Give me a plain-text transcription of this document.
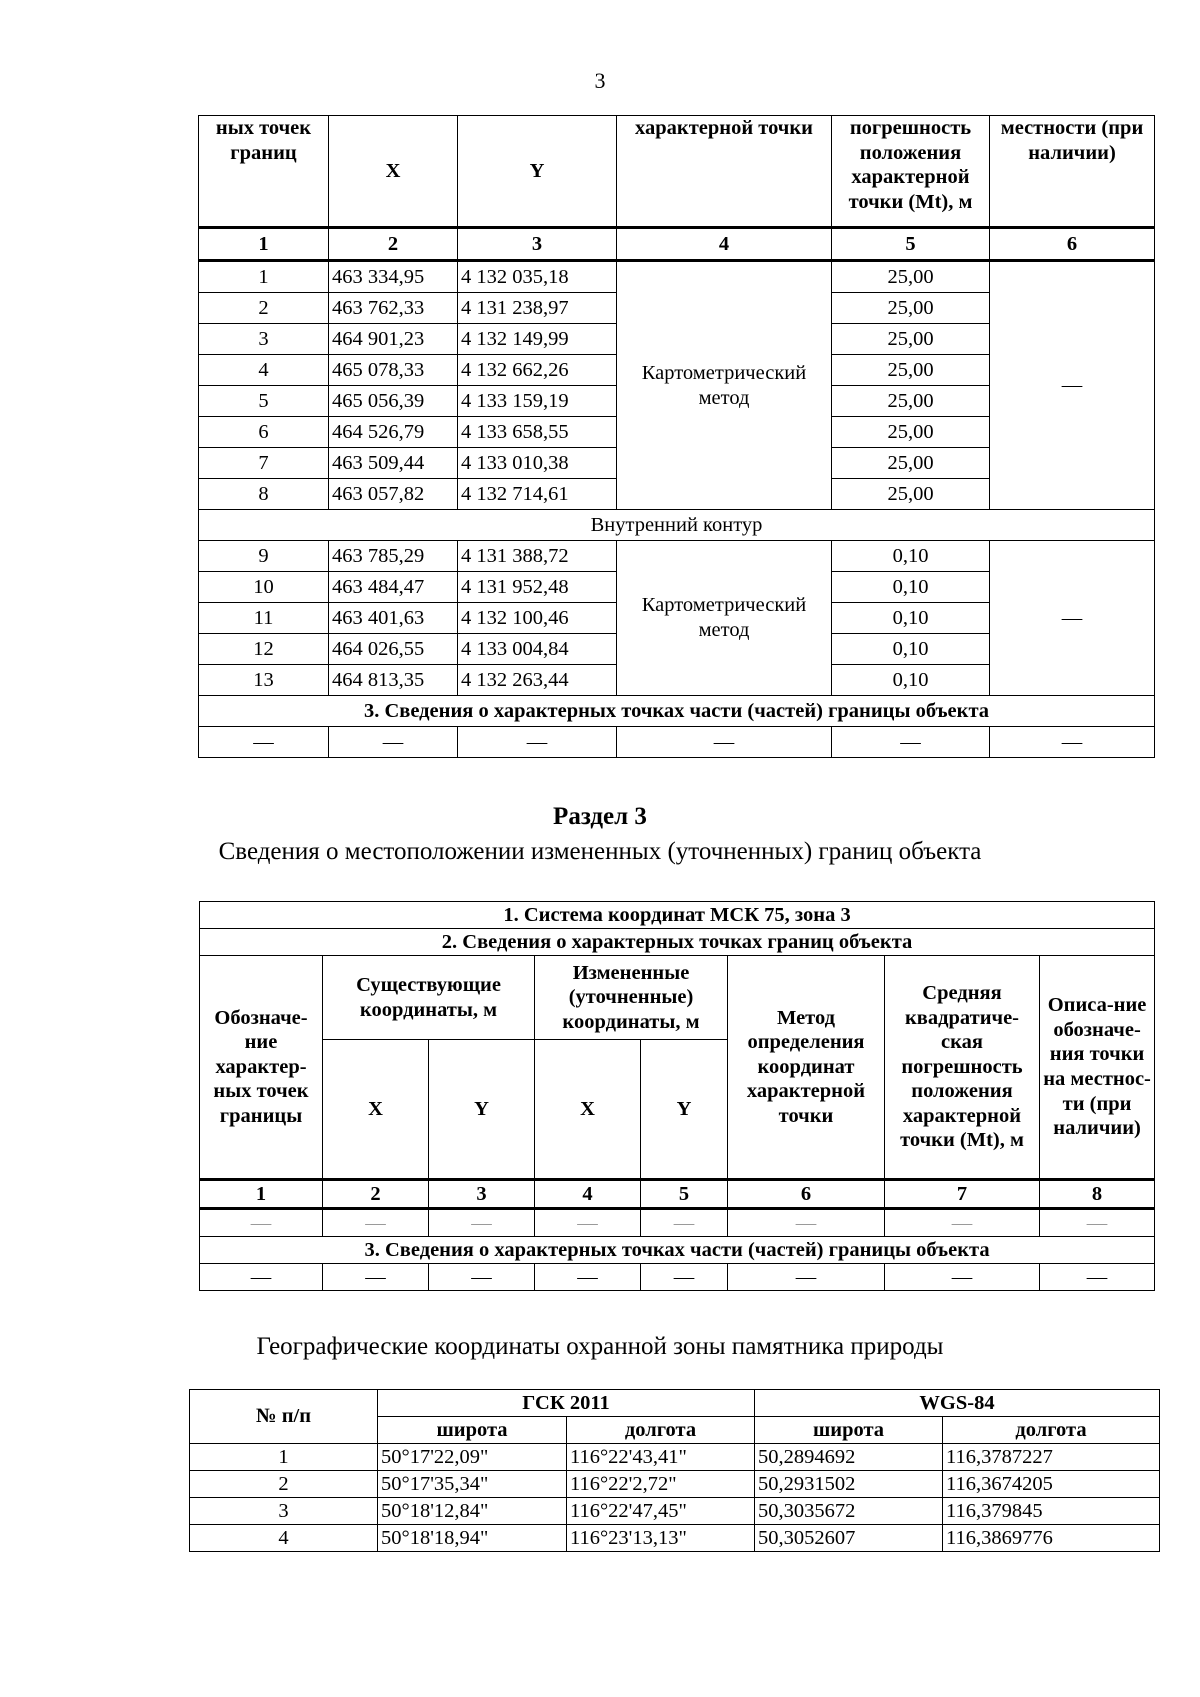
3
ных точек границ	X	Y	характерной точки	погрешность положения характерной точки (Mt), м	местности (при наличии)
1	2	3	4	5	6
1	463 334,95	4 132 035,18	Картометрический метод	25,00	—
2	463 762,33	4 131 238,97		25,00	
3	464 901,23	4 132 149,99		25,00	
4	465 078,33	4 132 662,26		25,00	
5	465 056,39	4 133 159,19		25,00	
6	464 526,79	4 133 658,55		25,00	
7	463 509,44	4 133 010,38		25,00	
8	463 057,82	4 132 714,61		25,00	
Внутренний контур					
9	463 785,29	4 131 388,72	Картометрический метод	0,10	—
10	463 484,47	4 131 952,48		0,10	
11	463 401,63	4 132 100,46		0,10	
12	464 026,55	4 133 004,84		0,10	
13	464 813,35	4 132 263,44		0,10	
3. Сведения о характерных точках части (частей) границы объекта					
—	—	—	—	—	—
Раздел 3
Сведения о местоположении измененных (уточненных) границ объекта
1. Система координат МСК 75, зона 3							
2. Сведения о характерных точках границ объекта							
Обозначе-ние характер-ных точек границы	Существующие координаты, м		Измененные (уточненные) координаты, м		Метод определения координат характерной точки	Средняя квадратиче-ская погрешность положения характерной точки (Mt), м	Описа-ние обозначе-ния точки на местнос-ти (при наличии)
	X	Y	X	Y			
1	2	3	4	5	6	7	8
—	—	—	—	—	—	—	—
3. Сведения о характерных точках части (частей) границы объекта							
—	—	—	—	—	—	—	—
Географические координаты охранной зоны памятника природы
№ п/п	ГСК 2011		WGS-84	
	широта	долгота	широта	долгота
1	50°17'22,09"	116°22'43,41"	50,2894692	116,3787227
2	50°17'35,34"	116°22'2,72"	50,2931502	116,3674205
3	50°18'12,84"	116°22'47,45"	50,3035672	116,379845
4	50°18'18,94"	116°23'13,13"	50,3052607	116,3869776
